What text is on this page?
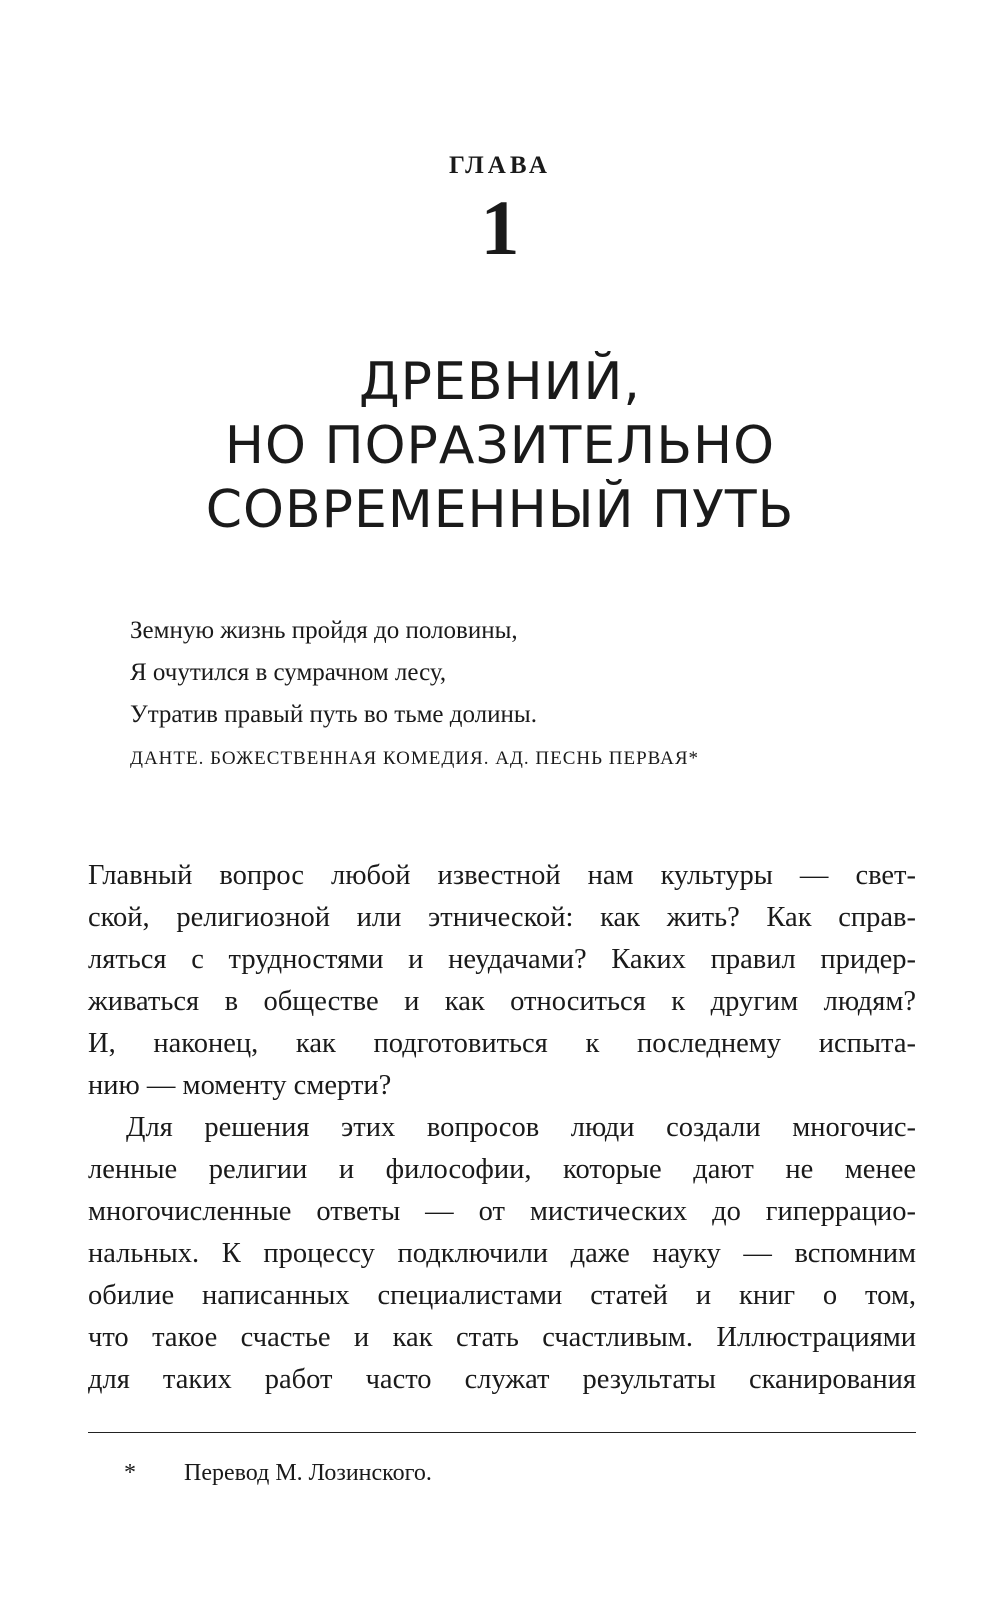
ГЛАВА
1
ДРЕВНИЙ,
НО ПОРАЗИТЕЛЬНО
СОВРЕМЕННЫЙ ПУТЬ
Земную жизнь пройдя до половины,
Я очутился в сумрачном лесу,
Утратив правый путь во тьме долины.
ДАНТЕ. БОЖЕСТВЕННАЯ КОМЕДИЯ. АД. ПЕСНЬ ПЕРВАЯ*
Главный вопрос любой известной нам культуры — свет-
ской, религиозной или этнической: как жить? Как справ-
ляться с трудностями и неудачами? Каких правил придер-
живаться в обществе и как относиться к другим людям?
И, наконец, как подготовиться к последнему испыта-
нию — моменту смерти?
Для решения этих вопросов люди создали многочис-
ленные религии и философии, которые дают не менее
многочисленные ответы — от мистических до гиперрацио-
нальных. К процессу подключили даже науку — вспомним
обилие написанных специалистами статей и книг о том,
что такое счастье и как стать счастливым. Иллюстрациями
для таких работ часто служат результаты сканирования
* Перевод М. Лозинского.
